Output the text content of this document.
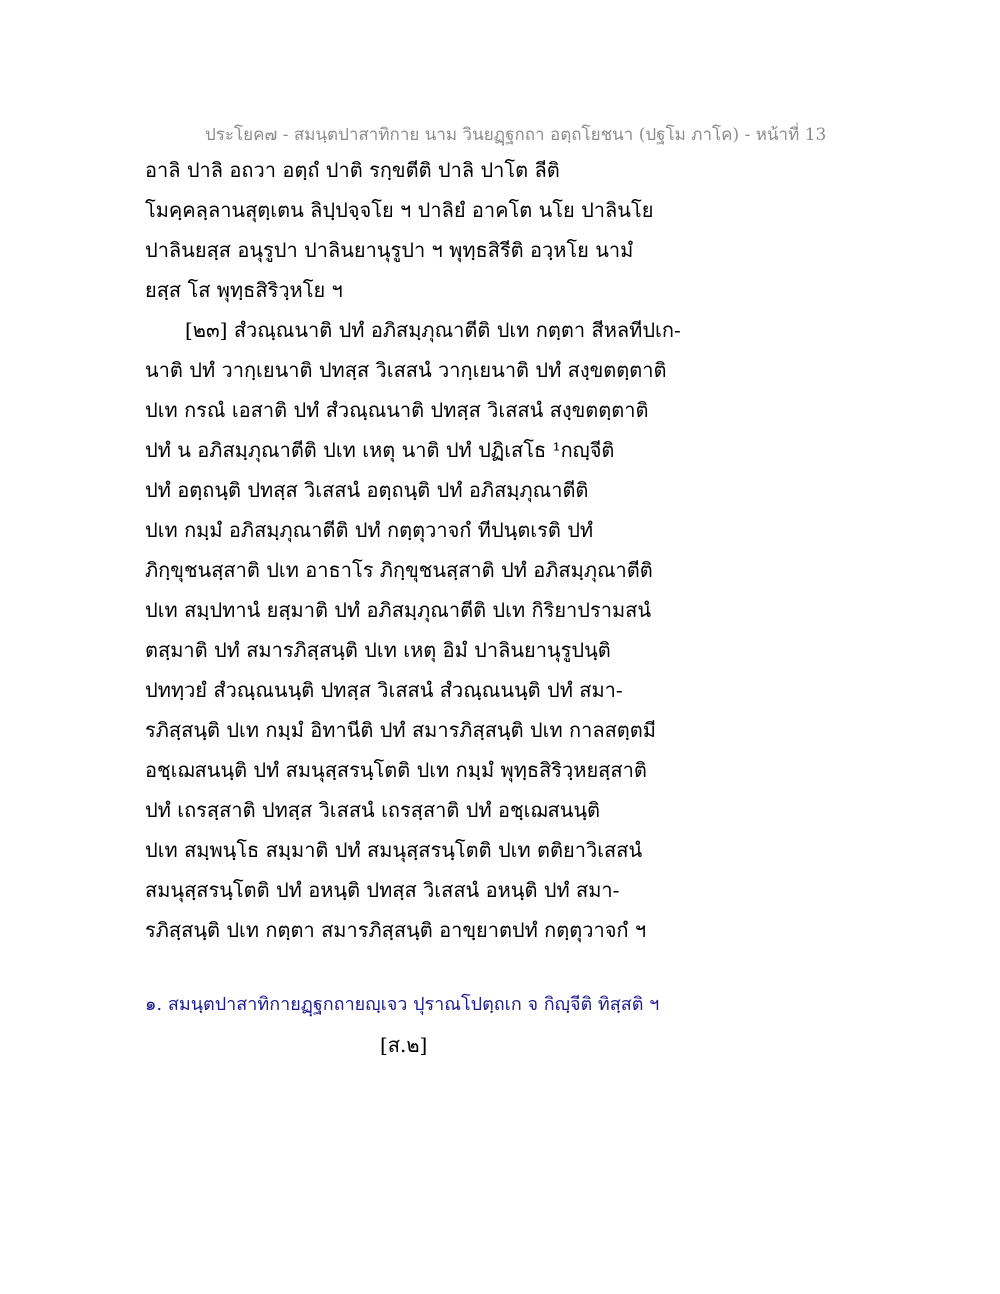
ประโยค๗ - สมนฺตปาสาทิกาย นาม วินยฏฺฐกถา อตฺถโยชนา (ปฐโม ภาโค) - หน้าที่ 13
อาลิ ปาลิ อถวา อตฺถํ ปาติ รกฺขตีติ ปาลิ ปาโต ลีติ
โมคฺคลฺลานสุตฺเตน ลิปฺปจฺจโย ฯ ปาลิยํ อาคโต นโย ปาลินโย
ปาลินยสฺส อนุรูปา ปาลินยานุรูปา ฯ พุทฺธสิรีติ อวฺหโย นามํ
ยสฺส โส พุทฺธสิริวฺหโย ฯ
[๒๓] สํวณฺณนาติ ปทํ อภิสมฺภุณาตีติ ปเท กตฺตา สีหลทีปเก-
นาติ ปทํ วากฺเยนาติ ปทสฺส วิเสสนํ วากฺเยนาติ ปทํ สงฺขตตฺตาติ
ปเท กรณํ เอสาติ ปทํ สํวณฺณนาติ ปทสฺส วิเสสนํ สงฺขตตฺตาติ
ปทํ น อภิสมฺภุณาตีติ ปเท เหตุ นาติ ปทํ ปฏิเสโธ ¹กญฺจีติ
ปทํ อตฺถนฺติ ปทสฺส วิเสสนํ อตฺถนฺติ ปทํ อภิสมฺภุณาตีติ
ปเท กมฺมํ อภิสมฺภุณาตีติ ปทํ กตฺตุวาจกํ ทีปนฺตเรติ ปทํ
ภิกฺขุชนสฺสาติ ปเท อาธาโร ภิกฺขุชนสฺสาติ ปทํ อภิสมฺภุณาตีติ
ปเท สมฺปทานํ ยสฺมาติ ปทํ อภิสมฺภุณาตีติ ปเท กิริยาปรามสนํ
ตสฺมาติ ปทํ สมารภิสฺสนฺติ ปเท เหตุ อิมํ ปาลินยานุรูปนฺติ
ปททฺวยํ สํวณฺณนนฺติ ปทสฺส วิเสสนํ สํวณฺณนนฺติ ปทํ สมา-
รภิสฺสนฺติ ปเท กมฺมํ อิทานีติ ปทํ สมารภิสฺสนฺติ ปเท กาลสตฺตมี
อชฺเฌสนนฺติ ปทํ สมนุสฺสรนฺโตติ ปเท กมฺมํ พุทฺธสิริวฺหยสฺสาติ
ปทํ เถรสฺสาติ ปทสฺส วิเสสนํ เถรสฺสาติ ปทํ อชฺเฌสนนฺติ
ปเท สมฺพนฺโธ สมฺมาติ ปทํ สมนุสฺสรนฺโตติ ปเท ตติยาวิเสสนํ
สมนุสฺสรนฺโตติ ปทํ อหนฺติ ปทสฺส วิเสสนํ อหนฺติ ปทํ สมา-
รภิสฺสนฺติ ปเท กตฺตา สมารภิสฺสนฺติ อาขฺยาตปทํ กตฺตุวาจกํ ฯ
๑. สมนฺตปาสาทิกายฏฺฐกถายญฺเจว ปุราณโปตฺถเก จ กิญฺจีติ ทิสฺสติ ฯ
[ส.๒]
